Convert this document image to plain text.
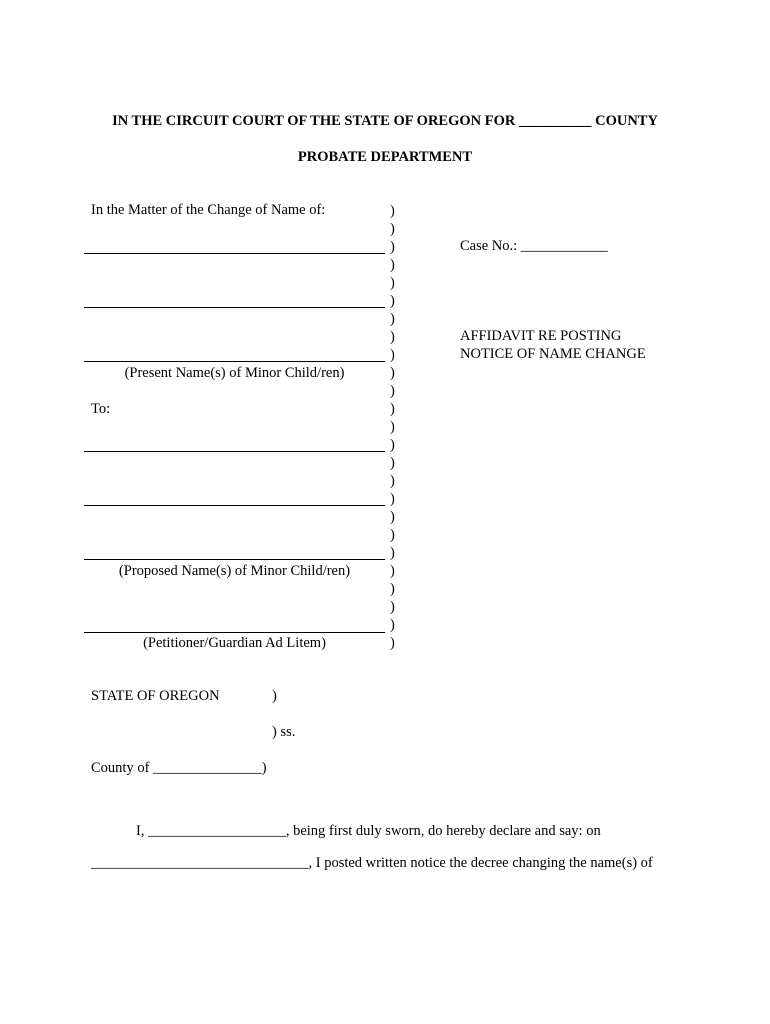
IN THE CIRCUIT COURT OF THE STATE OF OREGON FOR __________ COUNTY
PROBATE DEPARTMENT
In the Matter of the Change of Name of:
(Present Name(s) of Minor Child/ren)
To:
(Proposed Name(s) of Minor Child/ren)
(Petitioner/Guardian Ad Litem)
)
)
)
)
)
)
)
)
)
)
)
)
)
)
)
)
)
)
)
)
)
)
)
)
)
Case No.: ____________
AFFIDAVIT RE POSTING
NOTICE OF NAME CHANGE
STATE OF OREGON	)
) ss.
County of _______________)
I, ___________________, being first duly sworn, do hereby declare and say: on
______________________________, I posted written notice the decree changing the name(s) of
